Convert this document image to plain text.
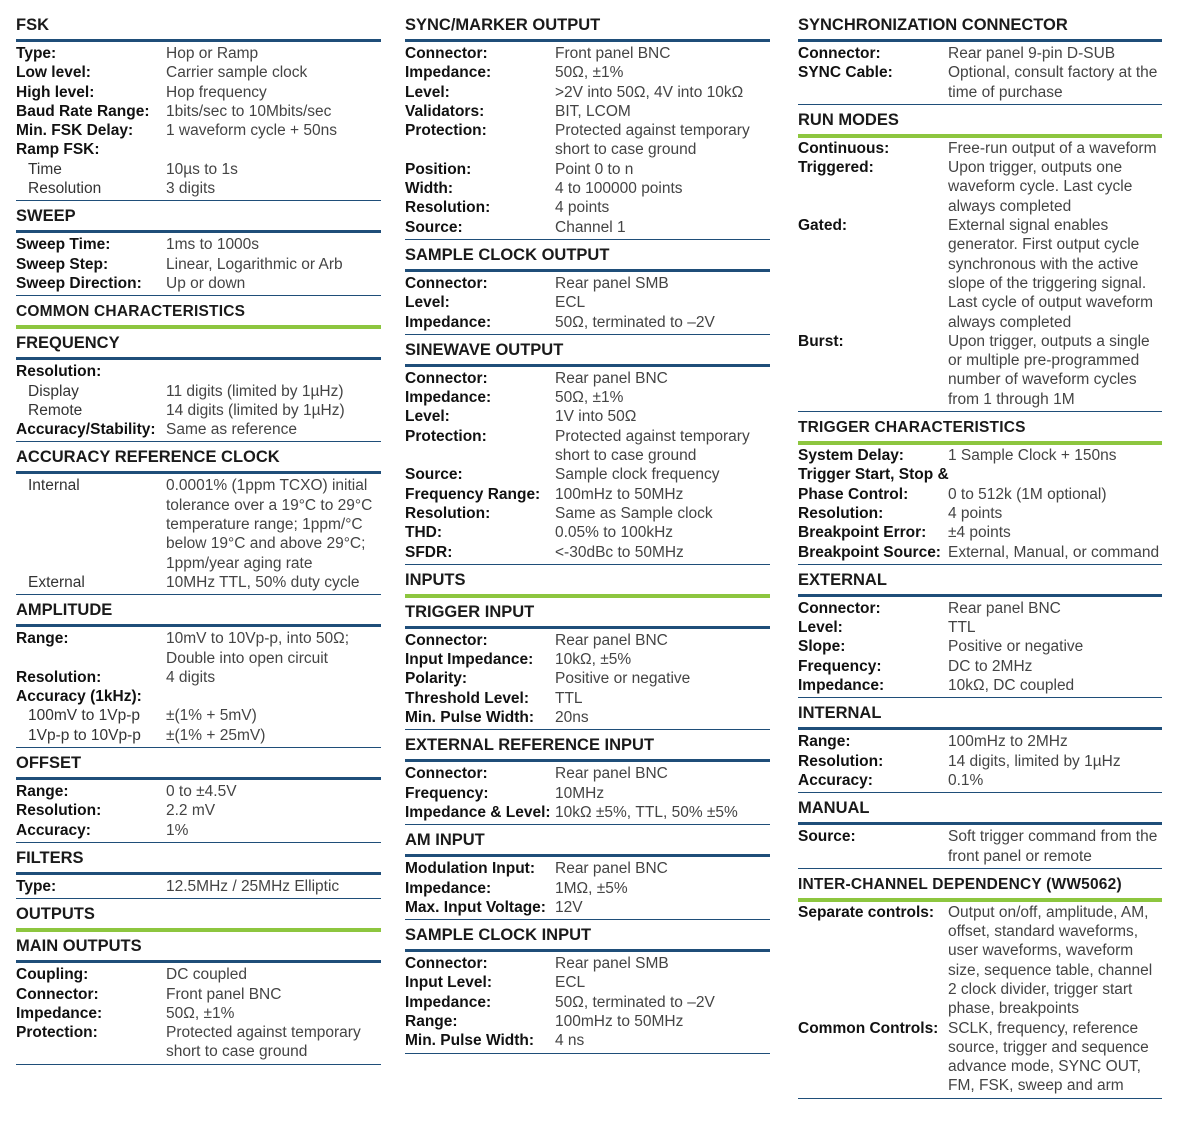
FSK
Type:	Hop or Ramp
Low level:	Carrier sample clock
High level:	Hop frequency
Baud Rate Range:	1bits/sec to 10Mbits/sec
Min. FSK Delay:	1 waveform cycle + 50ns
Ramp FSK:
Time	10µs to 1s
Resolution	3 digits
SWEEP
Sweep Time:	1ms to 1000s
Sweep Step:	Linear, Logarithmic or Arb
Sweep Direction:	Up or down
COMMON CHARACTERISTICS
FREQUENCY
Resolution:
Display	11 digits (limited by 1µHz)
Remote	14 digits (limited by 1µHz)
Accuracy/Stability: Same as reference
ACCURACY REFERENCE CLOCK
Internal	0.0001% (1ppm TCXO) initial tolerance over a 19°C to 29°C temperature range; 1ppm/°C below 19°C and above 29°C; 1ppm/year aging rate
External	10MHz TTL, 50% duty cycle
AMPLITUDE
Range:	10mV to 10Vp-p, into 50Ω; Double into open circuit
Resolution:	4 digits
Accuracy (1kHz):
100mV to 1Vp-p	±(1% + 5mV)
1Vp-p to 10Vp-p	±(1% + 25mV)
OFFSET
Range:	0 to ±4.5V
Resolution:	2.2 mV
Accuracy:	1%
FILTERS
Type:	12.5MHz / 25MHz Elliptic
OUTPUTS
MAIN OUTPUTS
Coupling:	DC coupled
Connector:	Front panel BNC
Impedance:	50Ω, ±1%
Protection:	Protected against temporary short to case ground
SYNC/MARKER OUTPUT
Connector:	Front panel BNC
Impedance:	50Ω, ±1%
Level:	>2V into 50Ω, 4V into 10kΩ
Validators:	BIT, LCOM
Protection:	Protected against temporary short to case ground
Position:	Point 0 to n
Width:	4 to 100000 points
Resolution:	4 points
Source:	Channel 1
SAMPLE CLOCK OUTPUT
Connector:	Rear panel SMB
Level:	ECL
Impedance:	50Ω, terminated to –2V
SINEWAVE OUTPUT
Connector:	Rear panel BNC
Impedance:	50Ω, ±1%
Level:	1V into 50Ω
Protection:	Protected against temporary short to case ground
Source:	Sample clock frequency
Frequency Range: 100mHz to 50MHz
Resolution:	Same as Sample clock
THD:	0.05% to 100kHz
SFDR:	<-30dBc to 50MHz
INPUTS
TRIGGER INPUT
Connector:	Rear panel BNC
Input Impedance:	10kΩ, ±5%
Polarity:	Positive or negative
Threshold Level:	TTL
Min. Pulse Width:	20ns
EXTERNAL REFERENCE INPUT
Connector:	Rear panel BNC
Frequency:	10MHz
Impedance & Level: 10kΩ ±5%, TTL, 50% ±5%
AM INPUT
Modulation Input:	Rear panel BNC
Impedance:	1MΩ, ±5%
Max. Input Voltage: 12V
SAMPLE CLOCK INPUT
Connector:	Rear panel SMB
Input Level:	ECL
Impedance:	50Ω, terminated to –2V
Range:	100mHz to 50MHz
Min. Pulse Width:	4 ns
SYNCHRONIZATION CONNECTOR
Connector:	Rear panel 9-pin D-SUB
SYNC Cable:	Optional, consult factory at the time of purchase
RUN MODES
Continuous:	Free-run output of a waveform
Triggered:	Upon trigger, outputs one waveform cycle. Last cycle always completed
Gated:	External signal enables generator. First output cycle synchronous with the active slope of the triggering signal. Last cycle of output waveform always completed
Burst:	Upon trigger, outputs a single or multiple pre-programmed number of waveform cycles from 1 through 1M
TRIGGER CHARACTERISTICS
System Delay:	1 Sample Clock + 150ns
Trigger Start, Stop &
Phase Control:	0 to 512k (1M optional)
Resolution:	4 points
Breakpoint Error:	±4 points
Breakpoint Source: External, Manual, or command
EXTERNAL
Connector:	Rear panel BNC
Level:	TTL
Slope:	Positive or negative
Frequency:	DC to 2MHz
Impedance:	10kΩ, DC coupled
INTERNAL
Range:	100mHz to 2MHz
Resolution:	14 digits, limited by 1µHz
Accuracy:	0.1%
MANUAL
Source:	Soft trigger command from the front panel or remote
INTER-CHANNEL DEPENDENCY (WW5062)
Separate controls: Output on/off, amplitude, AM, offset, standard waveforms, user waveforms, waveform size, sequence table, channel 2 clock divider, trigger start phase, breakpoints
Common Controls: SCLK, frequency, reference source, trigger and sequence advance mode, SYNC OUT, FM, FSK, sweep and arm
